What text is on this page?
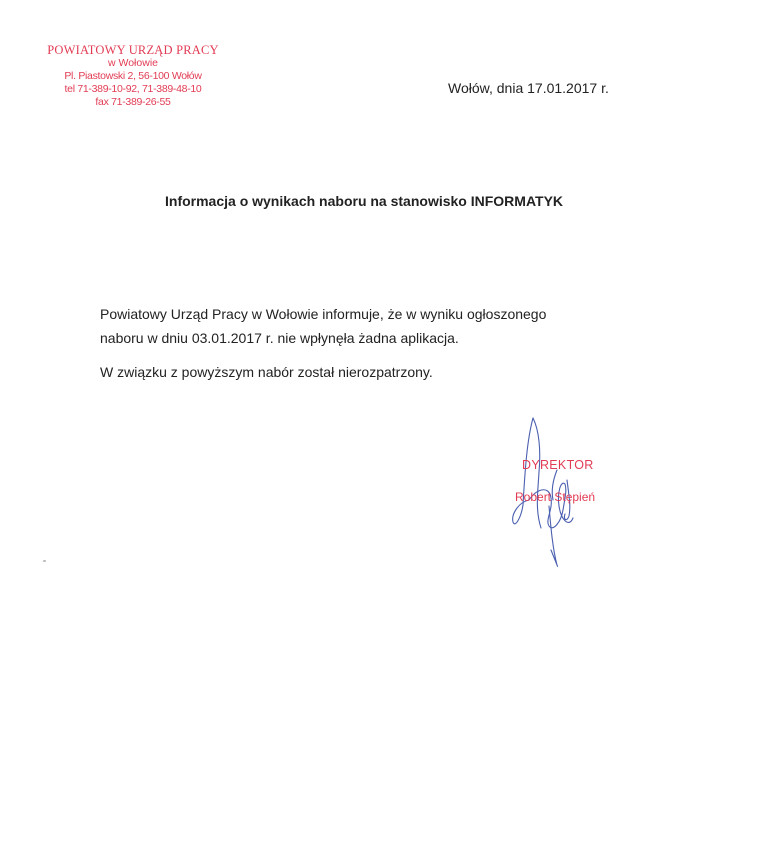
POWIATOWY URZĄD PRACY
w Wołowie
Pl. Piastowski 2, 56-100 Wołów
tel 71-389-10-92, 71-389-48-10
fax 71-389-26-55
Wołów, dnia 17.01.2017 r.
Informacja o wynikach naboru na stanowisko INFORMATYK

Powiatowy Urząd Pracy w Wołowie informuje, że w wyniku ogłoszonego

naboru w dniu 03.01.2017 r. nie wpłynęła żadna aplikacja.

W związku z powyższym nabór został nierozpatrzony.

DYREKTOR
Robert Stępień
